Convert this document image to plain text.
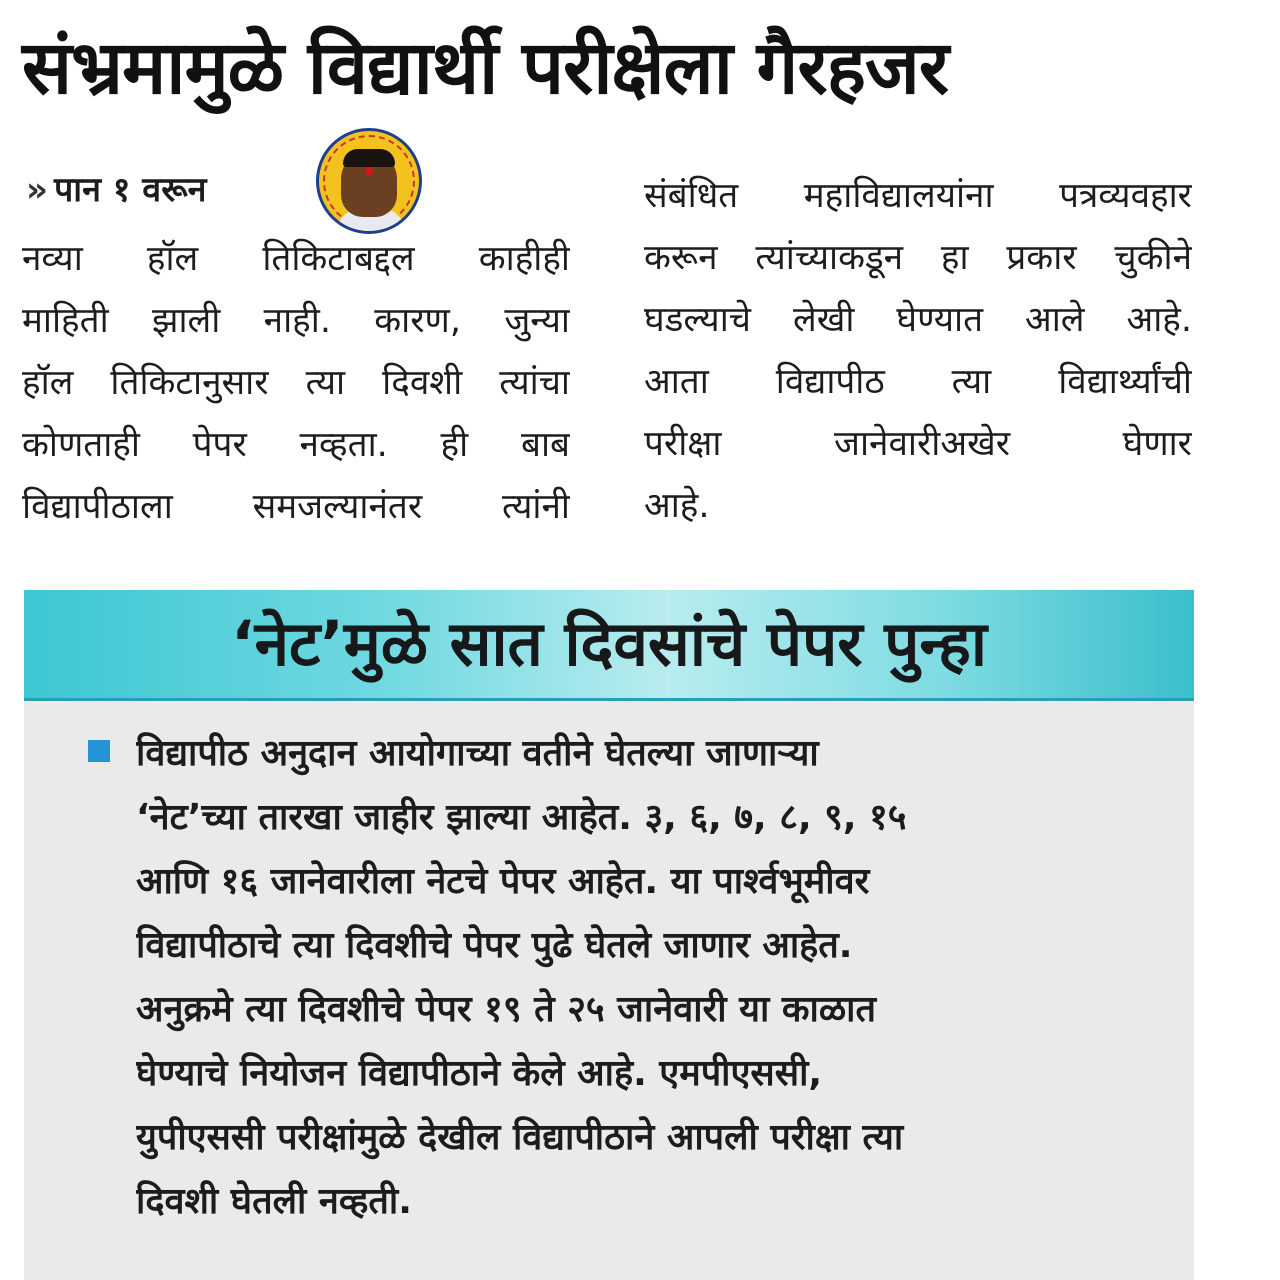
संभ्रमामुळे विद्यार्थी परीक्षेला गैरहजर
» पान १ वरून
नव्या हॉल तिकिटाबद्दल काहीही
माहिती झाली नाही. कारण, जुन्या
हॉल तिकिटानुसार त्या दिवशी त्यांचा
कोणताही पेपर नव्हता. ही बाब
विद्यापीठाला समजल्यानंतर त्यांनी
संबंधित महाविद्यालयांना पत्रव्यवहार
करून त्यांच्याकडून हा प्रकार चुकीने
घडल्याचे लेखी घेण्यात आले आहे.
आता विद्यापीठ त्या विद्यार्थ्यांची
परीक्षा जानेवारीअखेर घेणार
आहे.
‘नेट’मुळे सात दिवसांचे पेपर पुन्हा
विद्यापीठ अनुदान आयोगाच्या वतीने घेतल्या जाणाऱ्या
‘नेट’च्या तारखा जाहीर झाल्या आहेत. ३, ६, ७, ८, ९, १५
आणि १६ जानेवारीला नेटचे पेपर आहेत. या पार्श्वभूमीवर
विद्यापीठाचे त्या दिवशीचे पेपर पुढे घेतले जाणार आहेत.
अनुक्रमे त्या दिवशीचे पेपर १९ ते २५ जानेवारी या काळात
घेण्याचे नियोजन विद्यापीठाने केले आहे. एमपीएससी,
युपीएससी परीक्षांमुळे देखील विद्यापीठाने आपली परीक्षा त्या
दिवशी घेतली नव्हती.
